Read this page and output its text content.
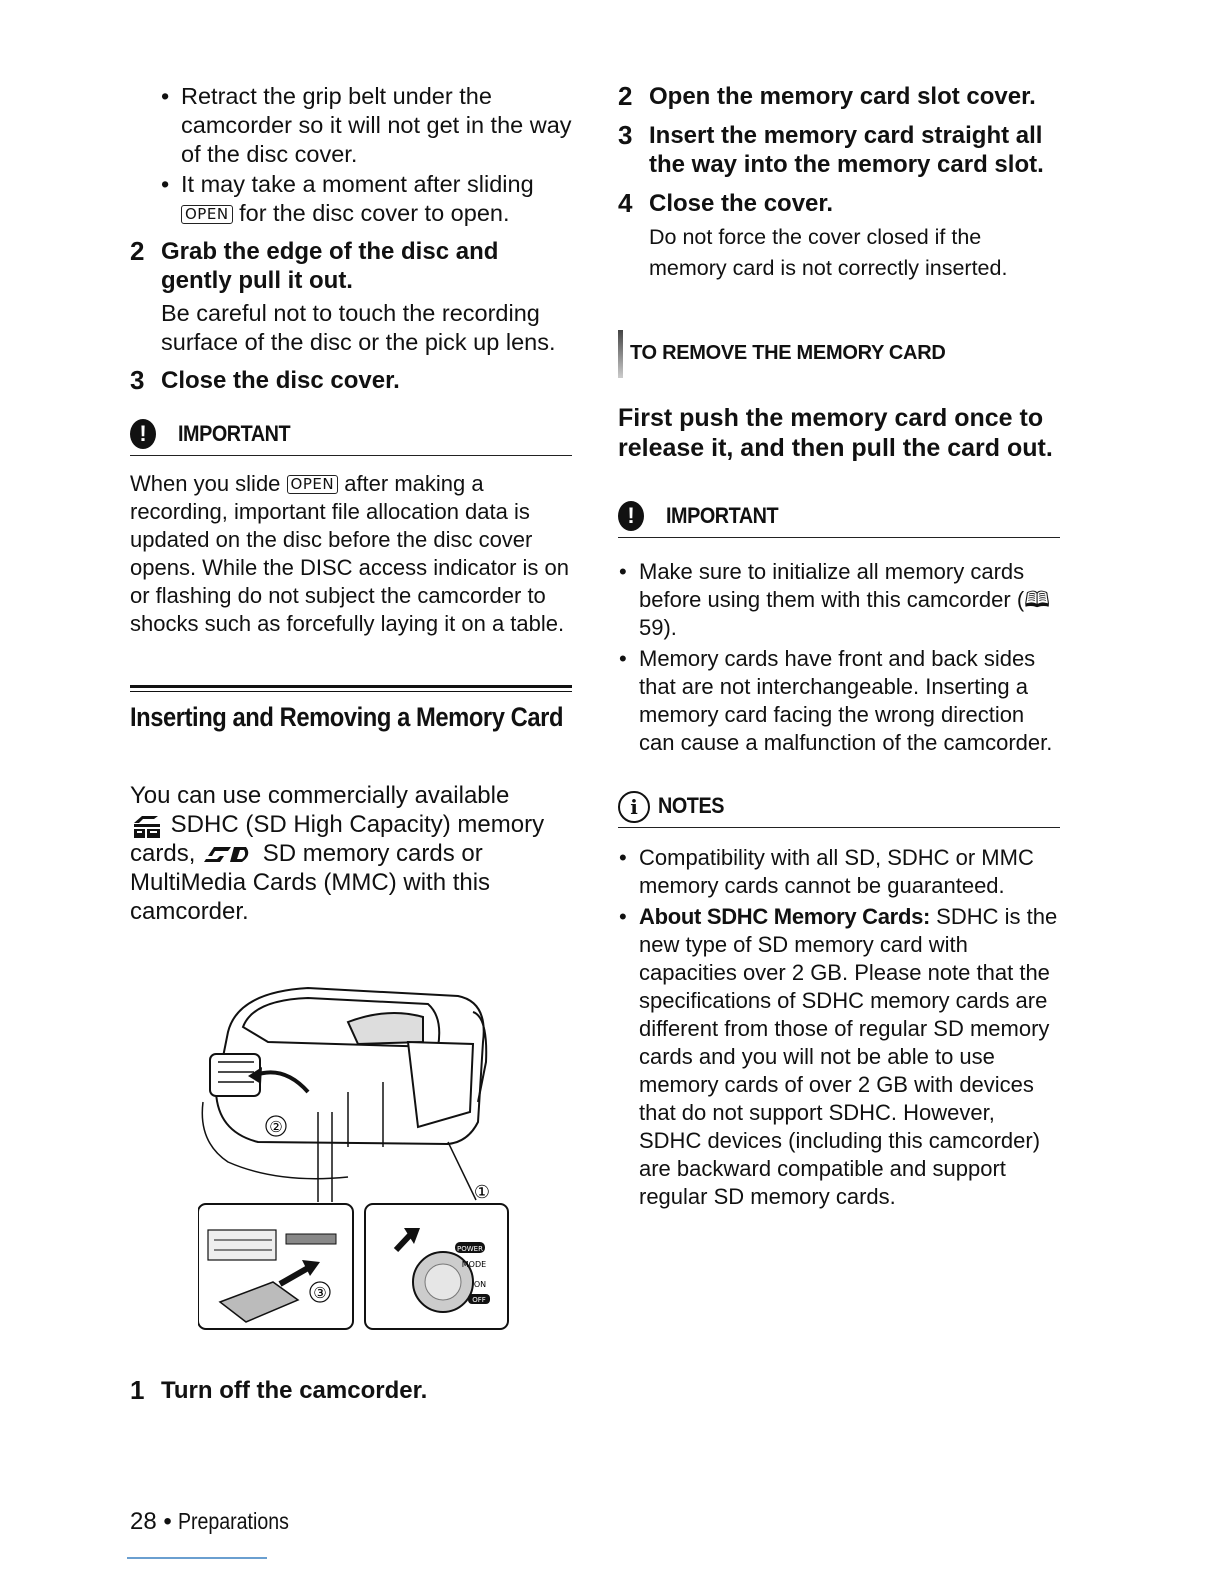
• Retract the grip belt under the camcorder so it will not get in the way of the disc cover.
• It may take a moment after sliding OPEN for the disc cover to open.
2 Grab the edge of the disc and gently pull it out.
Be careful not to touch the recording surface of the disc or the pick up lens.
3 Close the disc cover.
!	IMPORTANT
When you slide OPEN after making a recording, important file allocation data is updated on the disc before the disc cover opens. While the DISC access indicator is on or flashing do not subject the camcorder to shocks such as forcefully laying it on a table.
Inserting and Removing a Memory Card
You can use commercially available
SDHC (SD High Capacity) memory cards,  SD memory cards or MultiMedia Cards (MMC) with this camcorder.
②
①
③
POWER
MODE
ON
OFF
1 Turn off the camcorder.
2 Open the memory card slot cover.
3 Insert the memory card straight all the way into the memory card slot.
4 Close the cover.
Do not force the cover closed if the memory card is not correctly inserted.
TO REMOVE THE MEMORY CARD
First push the memory card once to release it, and then pull the card out.
!	IMPORTANT
• Make sure to initialize all memory cards before using them with this camcorder (🕮 59).
• Memory cards have front and back sides that are not interchangeable. Inserting a memory card facing the wrong direction can cause a malfunction of the camcorder.
i NOTES
• Compatibility with all SD, SDHC or MMC memory cards cannot be guaranteed.
• About SDHC Memory Cards: SDHC is the new type of SD memory card with capacities over 2 GB. Please note that the specifications of SDHC memory cards are different from those of regular SD memory cards and you will not be able to use memory cards of over 2 GB with devices that do not support SDHC. However, SDHC devices (including this camcorder) are backward compatible and support regular SD memory cards.
28 • Preparations
